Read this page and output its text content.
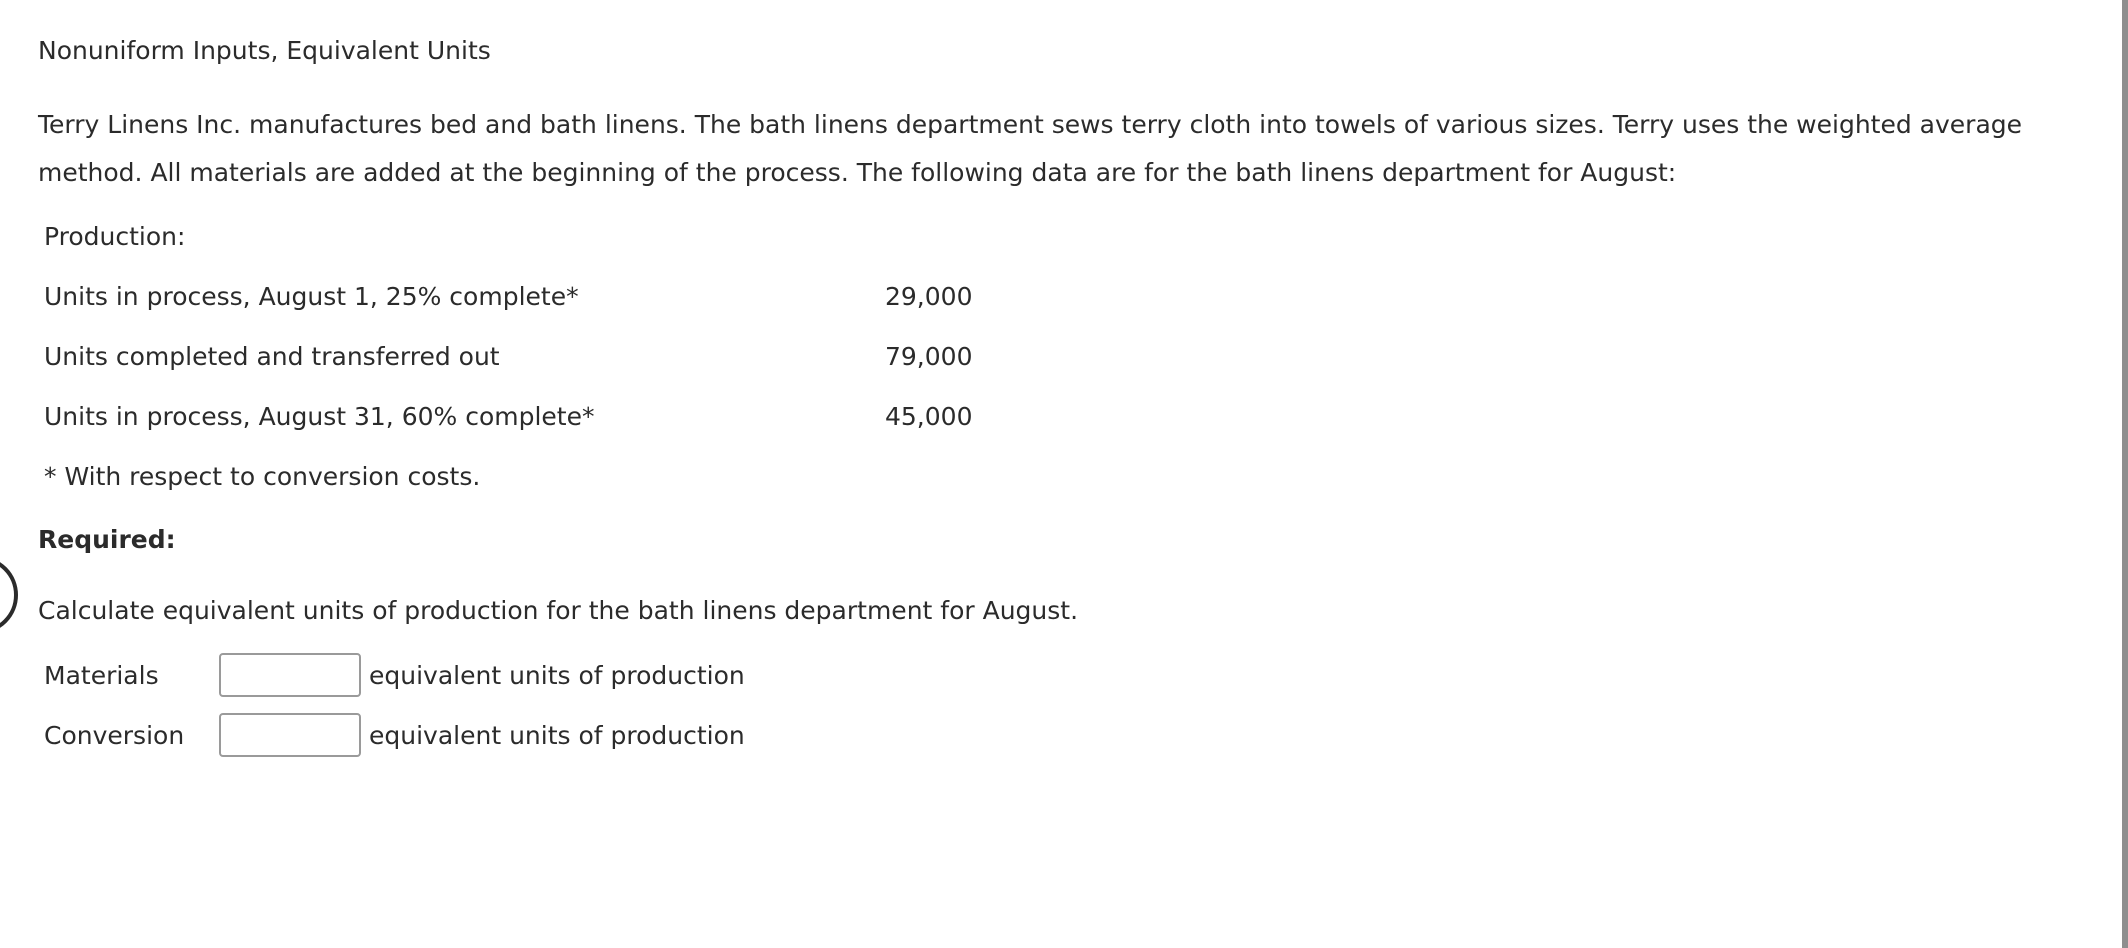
Nonuniform Inputs, Equivalent Units
Terry Linens Inc. manufactures bed and bath linens. The bath linens department sews terry cloth into towels of various sizes. Terry uses the weighted average method. All materials are added at the beginning of the process. The following data are for the bath linens department for August:
Production:
Units in process, August 1, 25% complete*	29,000
Units completed and transferred out	79,000
Units in process, August 31, 60% complete*	45,000
* With respect to conversion costs.
Required:
Calculate equivalent units of production for the bath linens department for August.
Materials	equivalent units of production
Conversion	equivalent units of production
